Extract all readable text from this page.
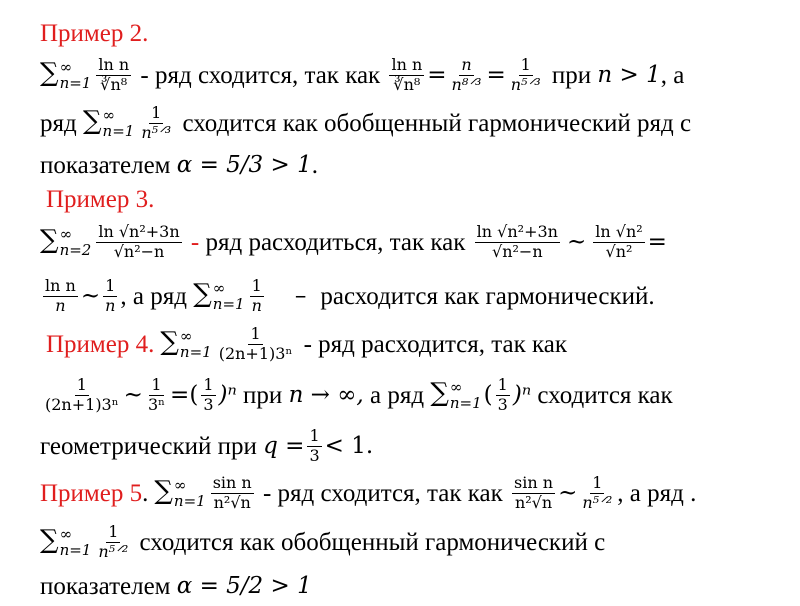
Пример 2.
∑ ∞
$n=1 \frac{\text{ln n}}{\text{∛n⁸}}$ - ряд сходится, так как $\frac{\text{ln n}}{\text{∛n⁸}} = \frac{n}{\text{n⁸ᐟ³}} = \frac{1}{\text{n⁵ᐟ³}}$ при n > 1 , а
ряд ∑ ∞
$n=1 \frac{1}{\text{n⁵ᐟ³}}$ сходится как обобщенный гармонический ряд с
показателем α = 5/3 > 1 .
Пример 3.
∑ ∞
$n=2 \frac{\text{ln √n²+3n}}{\text{√n²−n}}$ - ряд расходиться, так как $\frac{\text{ln √n²+3n}}{\text{√n²−n}}$ ~ $\frac{\text{ln √n²}}{\text{√n²}}$ =
$\frac{\text{ln n}}{n}$ ~ $\frac{1}{n}$ , а ряд ∑ ∞
$п=1 \frac{1}{n}$ – расходится как гармонический.
Пример 4. ∑ ∞
$n=1 \frac{1}{\text{(2n+1)3ⁿ}}$ - ряд расходится, так как
$\frac{1}{\text{(2n+1)3ⁿ}}$ ~ $\frac{1}{\text{3ⁿ}}$ = ( $\frac{1}{3} )^n$ при n → ∞, а ряд ∑ ∞
n=1 ( $\frac{1}{3} )^n$ сходится как
геометрический при $q = \frac{1}{3} < 1$.
Пример 5 . ∑ ∞
$n=1 \frac{\text{sin n}}{\text{n²√n}}$ - ряд сходится, так как $\frac{\text{sin n}}{\text{n²√n}}$ ~ $\frac{1}{\text{n⁵ᐟ²}}$ , а ряд .
∑ ∞
$n=1 \frac{1}{\text{n⁵ᐟ²}}$ сходится как обобщенный гармонический с
показателем α = 5/2 > 1
